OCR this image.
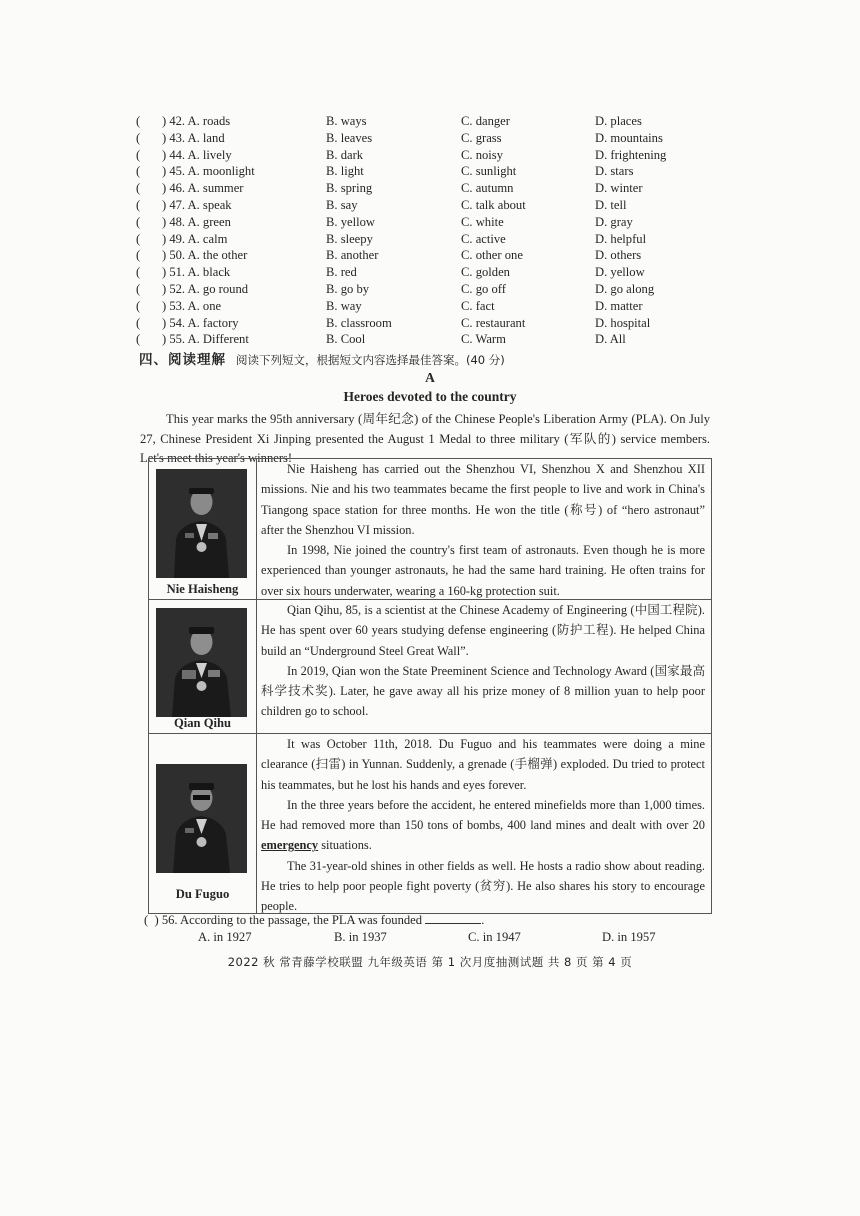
( ) 42. A. roads	B. ways	C. danger	D. places
( ) 43. A. land	B. leaves	C. grass	D. mountains
( ) 44. A. lively	B. dark	C. noisy	D. frightening
( ) 45. A. moonlight	B. light	C. sunlight	D. stars
( ) 46. A. summer	B. spring	C. autumn	D. winter
( ) 47. A. speak	B. say	C. talk about	D. tell
( ) 48. A. green	B. yellow	C. white	D. gray
( ) 49. A. calm	B. sleepy	C. active	D. helpful
( ) 50. A. the other	B. another	C. other one	D. others
( ) 51. A. black	B. red	C. golden	D. yellow
( ) 52. A. go round	B. go by	C. go off	D. go along
( ) 53. A. one	B. way	C. fact	D. matter
( ) 54. A. factory	B. classroom	C. restaurant	D. hospital
( ) 55. A. Different	B. Cool	C. Warm	D. All
四、阅读理解 阅读下列短文，根据短文内容选择最佳答案。(40 分)
A
Heroes devoted to the country

This year marks the 95th anniversary (周年纪念) of the Chinese People's Liberation Army (PLA). On July 27, Chinese President Xi Jinping presented the August 1 Medal to three military (军队的) service members. Let's meet this year's winners!

Nie Haisheng

Nie Haisheng has carried out the Shenzhou VI, Shenzhou X and Shenzhou XII missions. Nie and his two teammates became the first people to live and work in China's Tiangong space station for three months. He won the title (称号) of “hero astronaut” after the Shenzhou VI mission.

In 1998, Nie joined the country's first team of astronauts. Even though he is more experienced than younger astronauts, he had the same hard training. He often trains for over six hours underwater, wearing a 160-kg protection suit.

Qian Qihu

Qian Qihu, 85, is a scientist at the Chinese Academy of Engineering (中国工程院). He has spent over 60 years studying defense engineering (防护工程). He helped China build an “Underground Steel Great Wall”.

In 2019, Qian won the State Preeminent Science and Technology Award (国家最高科学技术奖). Later, he gave away all his prize money of 8 million yuan to help poor children go to school.

Du Fuguo

It was October 11th, 2018. Du Fuguo and his teammates were doing a mine clearance (扫雷) in Yunnan. Suddenly, a grenade (手榴弹) exploded. Du tried to protect his teammates, but he lost his hands and eyes forever.

In the three years before the accident, he entered minefields more than 1,000 times. He had removed more than 150 tons of bombs, 400 land mines and dealt with over 20 emergency situations.

The 31-year-old shines in other fields as well. He hosts a radio show about reading. He tries to help poor people fight poverty (贫穷). He also shares his story to encourage people.

( ) 56. According to the passage, the PLA was founded	.
A. in 1927	B. in 1937	C. in 1947	D. in 1957
2022 秋 常青藤学校联盟 九年级英语 第 1 次月度抽测试题 共 8 页 第 4 页
